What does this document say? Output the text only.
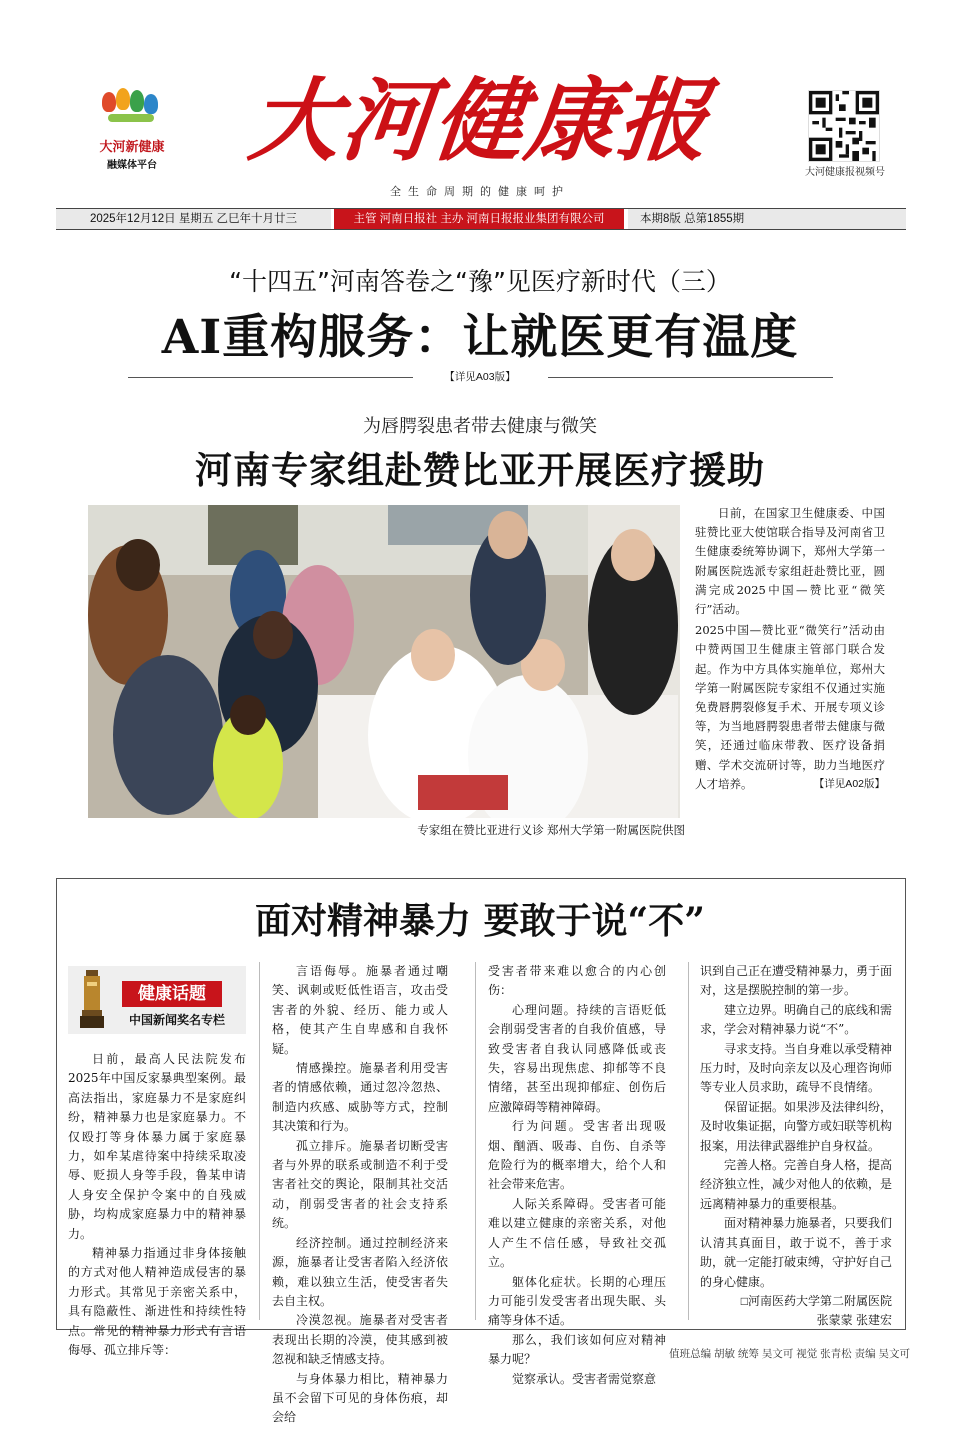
大河新健康
融媒体平台 大河健康报
全生命周期的健康呵护
大河健康报视频号
2025年12月12日 星期五 乙巳年十月廿三	主管 河南日报社 主办 河南日报报业集团有限公司	本期8版 总第1855期
“十四五”河南答卷之“豫”见医疗新时代（三）
AI重构服务：让就医更有温度
【详见A03版】
为唇腭裂患者带去健康与微笑
河南专家组赴赞比亚开展医疗援助
专家组在赞比亚进行义诊 郑州大学第一附属医院供图

日前，在国家卫生健康委、中国驻赞比亚大使馆联合指导及河南省卫生健康委统筹协调下，郑州大学第一附属医院选派专家组赶赴赞比亚，圆满完成2025中国—赞比亚“微笑行”活动。

2025中国—赞比亚“微笑行”活动由中赞两国卫生健康主管部门联合发起。作为中方具体实施单位，郑州大学第一附属医院专家组不仅通过实施免费唇腭裂修复手术、开展专项义诊等，为当地唇腭裂患者带去健康与微笑，还通过临床带教、医疗设备捐赠、学术交流研讨等，助力当地医疗人才培养。	【详见A02版】
面对精神暴力 要敢于说“不”
健康话题
中国新闻奖名专栏

日前，最高人民法院发布2025年中国反家暴典型案例。最高法指出，家庭暴力不是家庭纠纷，精神暴力也是家庭暴力。不仅殴打等身体暴力属于家庭暴力，如牟某虐待案中持续采取凌辱、贬损人身等手段，鲁某申请人身安全保护令案中的自残威胁，均构成家庭暴力中的精神暴力。

精神暴力指通过非身体接触的方式对他人精神造成侵害的暴力形式。其常见于亲密关系中，具有隐蔽性、渐进性和持续性特点。常见的精神暴力形式有言语侮辱、孤立排斥等：

言语侮辱。施暴者通过嘲笑、讽刺或贬低性语言，攻击受害者的外貌、经历、能力或人格，使其产生自卑感和自我怀疑。

情感操控。施暴者利用受害者的情感依赖，通过忽冷忽热、制造内疚感、威胁等方式，控制其决策和行为。

孤立排斥。施暴者切断受害者与外界的联系或制造不利于受害者社交的舆论，限制其社交活动，削弱受害者的社会支持系统。

经济控制。通过控制经济来源，施暴者让受害者陷入经济依赖，难以独立生活，使受害者失去自主权。

冷漠忽视。施暴者对受害者表现出长期的冷漠，使其感到被忽视和缺乏情感支持。

与身体暴力相比，精神暴力虽不会留下可见的身体伤痕，却会给

受害者带来难以愈合的内心创伤：

心理问题。持续的言语贬低会削弱受害者的自我价值感，导致受害者自我认同感降低或丧失，容易出现焦虑、抑郁等不良情绪，甚至出现抑郁症、创伤后应激障碍等精神障碍。

行为问题。受害者出现吸烟、酗酒、吸毒、自伤、自杀等危险行为的概率增大，给个人和社会带来危害。

人际关系障碍。受害者可能难以建立健康的亲密关系，对他人产生不信任感，导致社交孤立。

躯体化症状。长期的心理压力可能引发受害者出现失眠、头痛等身体不适。

那么，我们该如何应对精神暴力呢？

觉察承认。受害者需觉察意

识到自己正在遭受精神暴力，勇于面对，这是摆脱控制的第一步。

建立边界。明确自己的底线和需求，学会对精神暴力说“不”。

寻求支持。当自身难以承受精神压力时，及时向亲友以及心理咨询师等专业人员求助，疏导不良情绪。

保留证据。如果涉及法律纠纷，及时收集证据，向警方或妇联等机构报案，用法律武器维护自身权益。

完善人格。完善自身人格，提高经济独立性，减少对他人的依赖，是远离精神暴力的重要根基。

面对精神暴力施暴者，只要我们认清其真面目，敢于说不，善于求助，就一定能打破束缚，守护好自己的身心健康。

□河南医药大学第二附属医院

张蒙蒙 张建宏

值班总编 胡敏 统筹 吴文可 视觉 张青松 责编 吴文可
